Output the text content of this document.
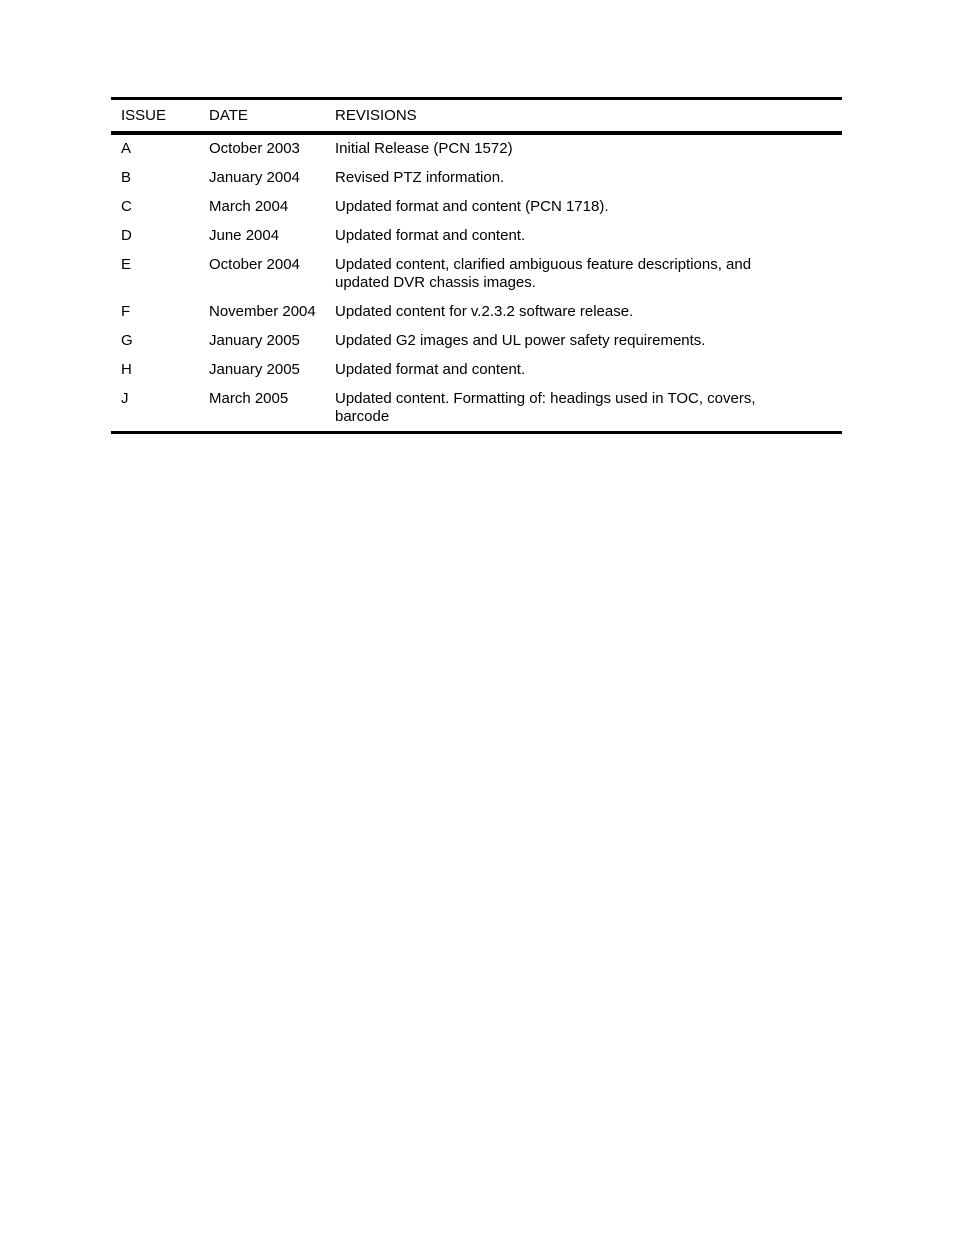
ISSUE	DATE	REVISIONS
A	October 2003	Initial Release (PCN 1572)
B	January 2004	Revised PTZ information.
C	March 2004	Updated format and content (PCN 1718).
D	June 2004	Updated format and content.
E	October 2004	Updated content, clarified ambiguous feature descriptions, and updated DVR chassis images.
F	November 2004	Updated content for v.2.3.2 software release.
G	January 2005	Updated G2 images and UL power safety requirements.
H	January 2005	Updated format and content.
J	March 2005	Updated content. Formatting of: headings used in TOC, covers, barcode
